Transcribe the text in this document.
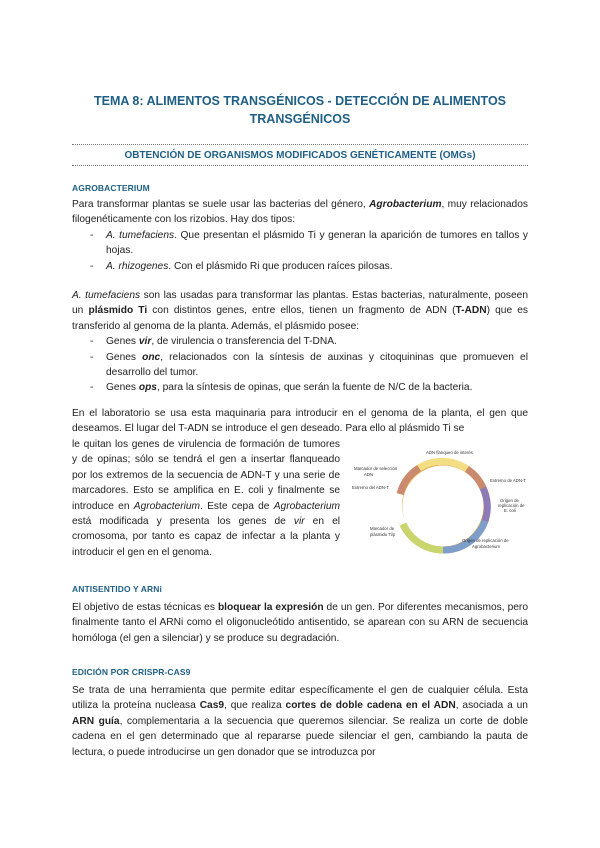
TEMA 8: ALIMENTOS TRANSGÉNICOS - DETECCIÓN DE ALIMENTOS
TRANSGÉNICOS
OBTENCIÓN DE ORGANISMOS MODIFICADOS GENÉTICAMENTE (OMGs)
AGROBACTERIUM
Para transformar plantas se suele usar las bacterias del género, Agrobacterium, muy relacionados filogenéticamente con los rizobios. Hay dos tipos:
- A. tumefaciens. Que presentan el plásmido Ti y generan la aparición de tumores en tallos y hojas.
- A. rhizogenes. Con el plásmido Ri que producen raíces pilosas.
A. tumefaciens son las usadas para transformar las plantas. Estas bacterias, naturalmente, poseen un plásmido Ti con distintos genes, entre ellos, tienen un fragmento de ADN (T-ADN) que es transferido al genoma de la planta. Además, el plásmido posee:
- Genes vir, de virulencia o transferencia del T-DNA.
- Genes onc, relacionados con la síntesis de auxinas y citoquininas que promueven el desarrollo del tumor.
- Genes ops, para la síntesis de opinas, que serán la fuente de N/C de la bacteria.
En el laboratorio se usa esta maquinaria para introducir en el genoma de la planta, el gen que deseamos. El lugar del T-ADN se introduce el gen deseado. Para ello al plásmido Ti se
le quitan los genes de virulencia de formación de tumores y de opinas; sólo se tendrá el gen a insertar flanqueado por los extremos de la secuencia de ADN-T y una serie de marcadores. Esto se amplifica en E. coli y finalmente se introduce en Agrobacterium. Este cepa de Agrobacterium está modificada y presenta los genes de vir en el cromosoma, por tanto es capaz de infectar a la planta y introducir el gen en el genoma.
ADN flanqueo de interés
Marcador de selección
ADN
Extremo del ADN-T
Extremo de ADN-T
Origen de
replicación de
E. coli
Marcador de
plásmido Ti/p
Origen de replicación de
Agrobacterium
ANTISENTIDO Y ARNi
El objetivo de estas técnicas es bloquear la expresión de un gen. Por diferentes mecanismos, pero finalmente tanto el ARNi como el oligonucleótido antisentido, se aparean con su ARN de secuencia homóloga (el gen a silenciar) y se produce su degradación.
EDICIÓN POR CRISPR-CAS9
Se trata de una herramienta que permite editar específicamente el gen de cualquier célula. Esta utiliza la proteína nucleasa Cas9, que realiza cortes de doble cadena en el ADN, asociada a un ARN guía, complementaria a la secuencia que queremos silenciar. Se realiza un corte de doble cadena en el gen determinado que al repararse puede silenciar el gen, cambiando la pauta de lectura, o puede introducirse un gen donador que se introduzca por
